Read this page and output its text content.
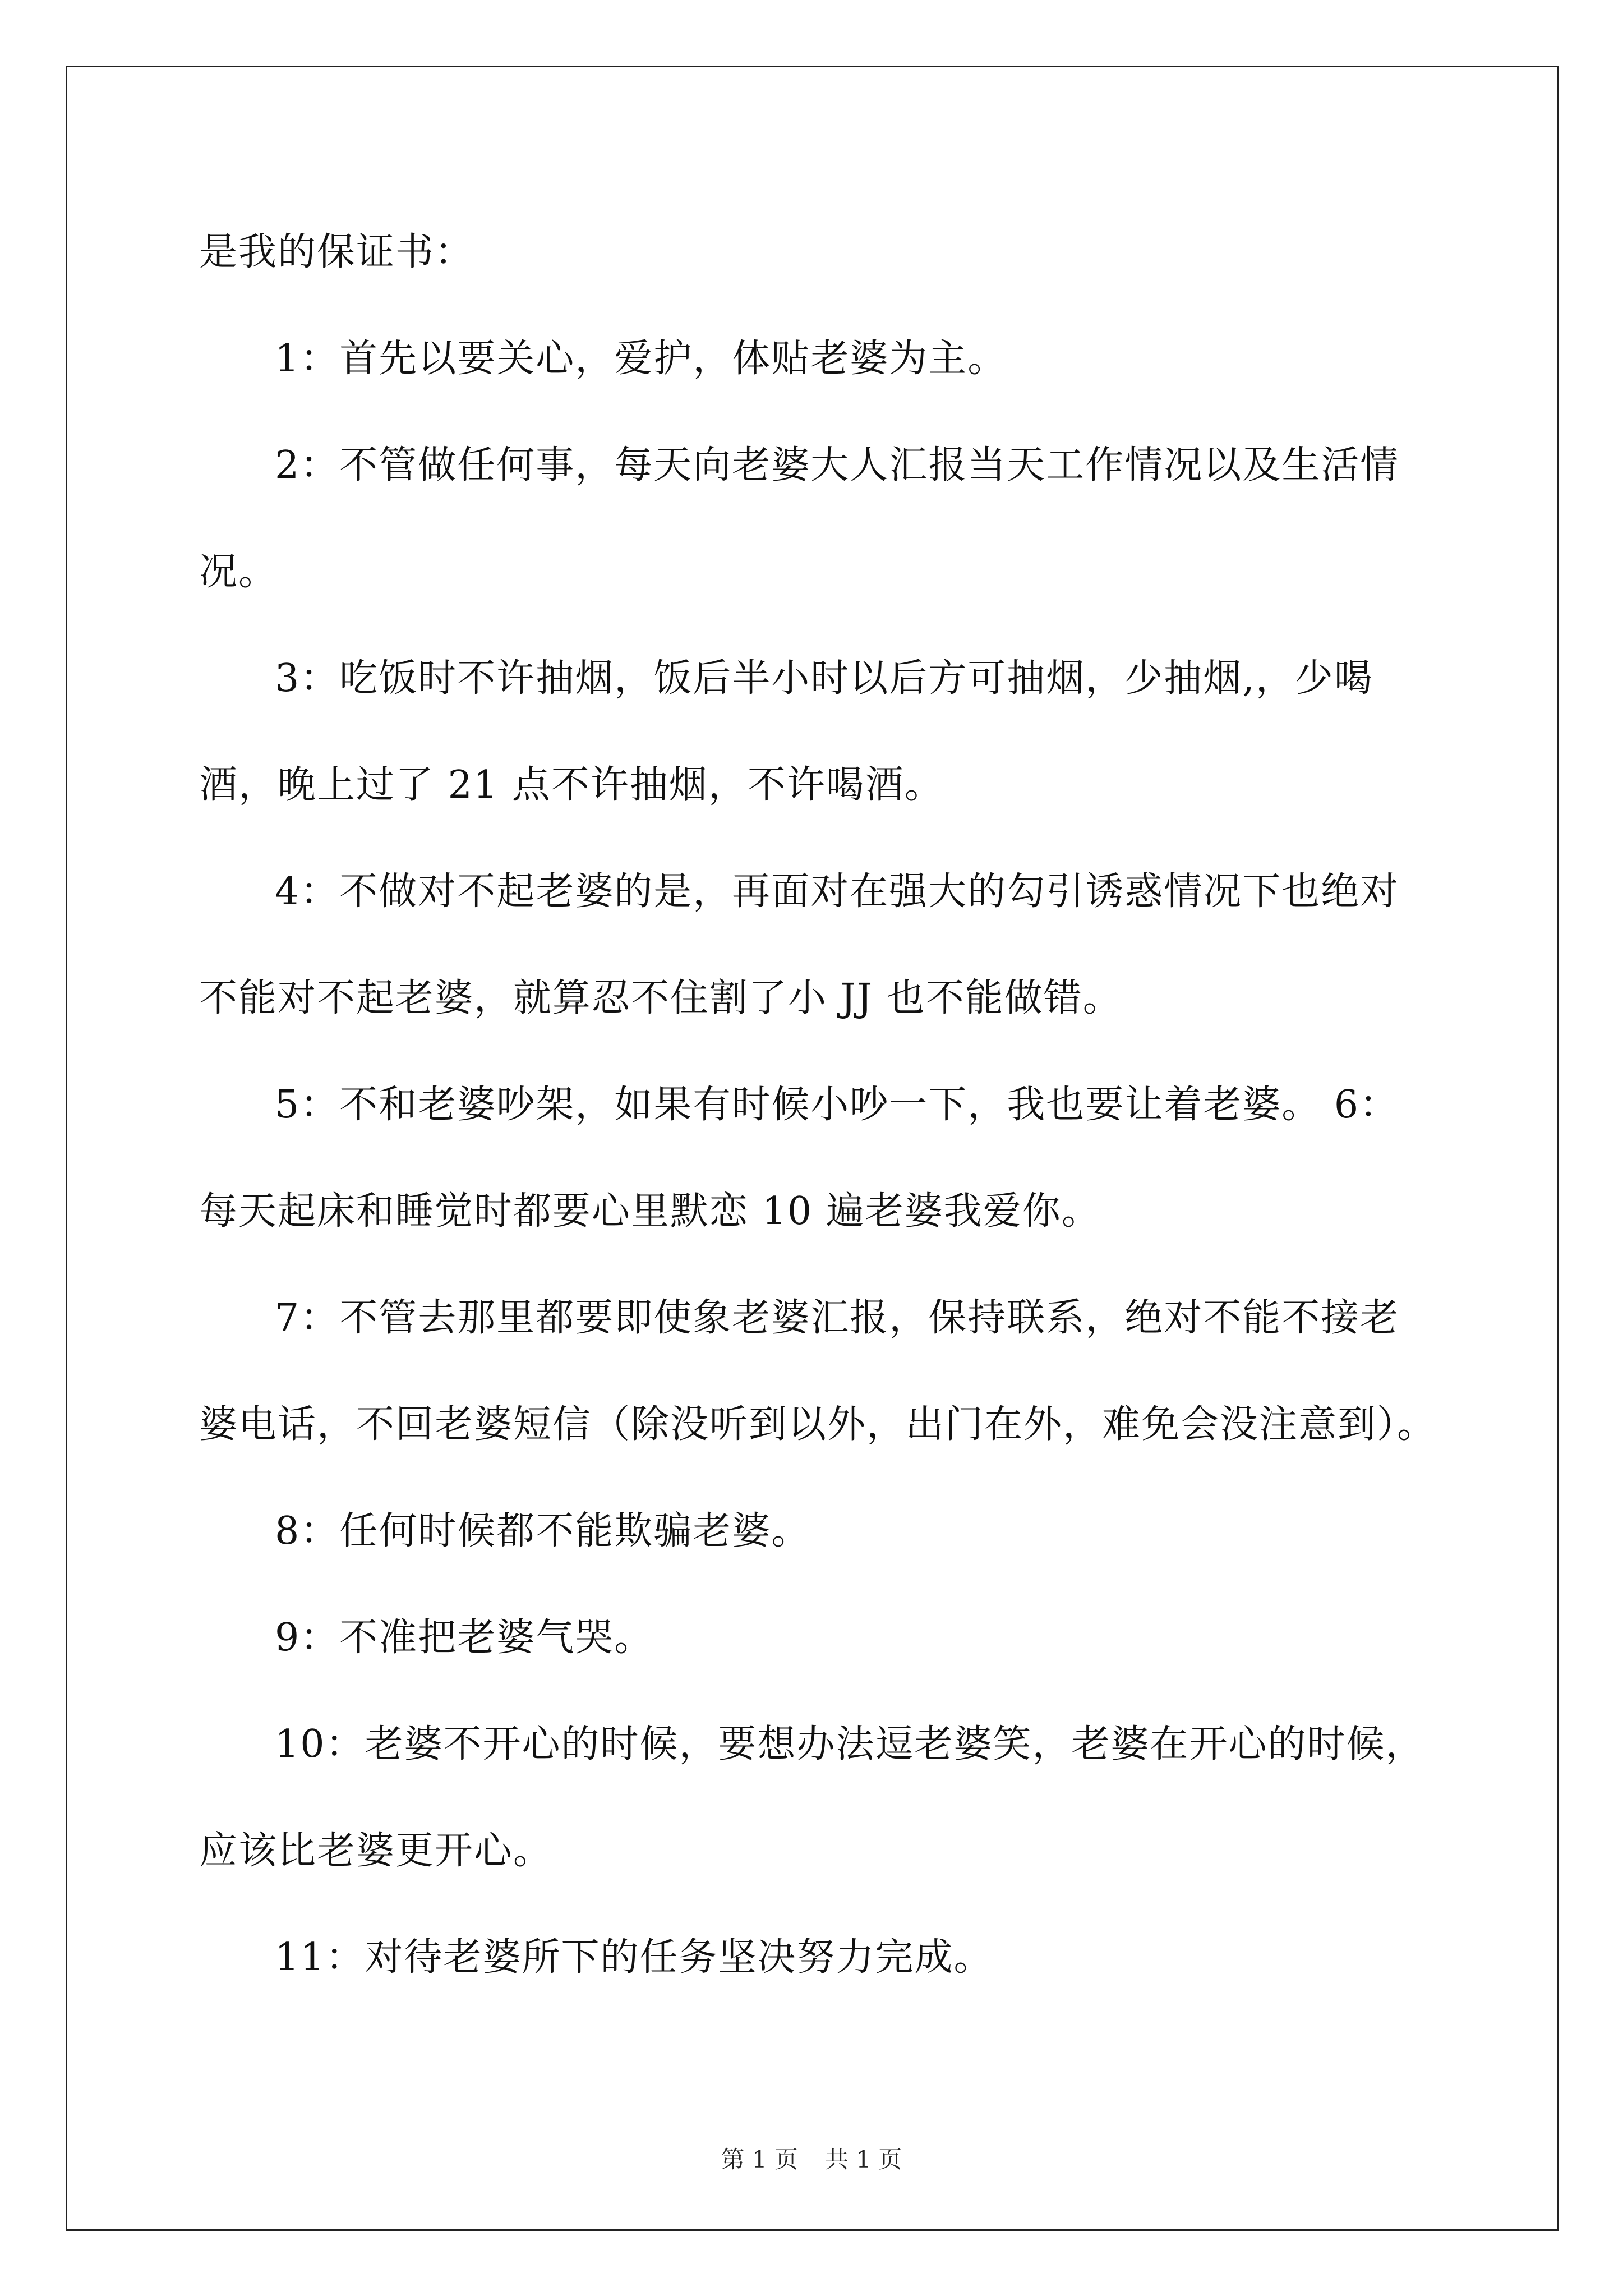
是我的保证书：
1：首先以要关心，爱护，体贴老婆为主。
2：不管做任何事，每天向老婆大人汇报当天工作情况以及生活情
况。
3：吃饭时不许抽烟，饭后半小时以后方可抽烟，少抽烟,，少喝
酒，晚上过了 21 点不许抽烟，不许喝酒。
4：不做对不起老婆的是，再面对在强大的勾引诱惑情况下也绝对
不能对不起老婆，就算忍不住割了小 JJ 也不能做错。
5：不和老婆吵架，如果有时候小吵一下，我也要让着老婆。 6：
每天起床和睡觉时都要心里默恋 10 遍老婆我爱你。
7：不管去那里都要即使象老婆汇报，保持联系，绝对不能不接老
婆电话，不回老婆短信（除没听到以外，出门在外，难免会没注意到）。
8：任何时候都不能欺骗老婆。
9：不准把老婆气哭。
10：老婆不开心的时候，要想办法逗老婆笑，老婆在开心的时候，
应该比老婆更开心。
11：对待老婆所下的任务坚决努力完成。
第 1 页 共 1 页
